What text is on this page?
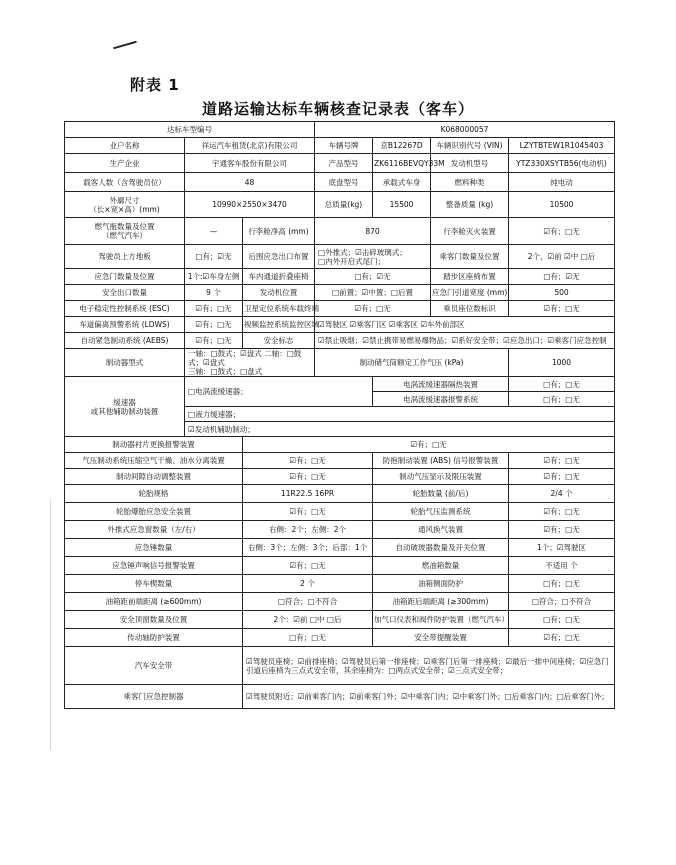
附表 1
道路运输达标车辆核查记录表（客车）
达标车型编号			K068000057			
业户名称	祥运汽车租赁(北京)有限公司		车辆号牌	京B12267D	车辆识别代号 (VIN)	LZYTBTEW1R1045403
生产企业	宇通客车股份有限公司		产品型号	ZK6116BEVQY33M	发动机型号	YTZ330XSYTB56(电动机)
载客人数（含驾驶员位）	48		底盘型号	承载式车身	燃料种类	纯电动
外廓尺寸
（长×宽×高）(mm)	10990×2550×3470		总质量(kg)	15500	整备质量 (kg)	10500
燃气瓶数量及位置
（燃气汽车）	—	行李舱净高 (mm)	870		行李舱灭火装置	☑有；□无
驾驶员上方地板	□有；☑无	后围应急出口布置	□外推式；☑击碎玻璃式；
□内外开启式尾门；		乘客门数量及位置	2个，☑前 ☑中 □后
应急门数量及位置	1个:☑车身左侧	车内通道折叠座椅	□有；☑无		踏步区座椅布置	□有；☑无
安全出口数量	9 个	发动机位置	□前置；☑中置；□后置		应急门引道宽度 (mm)	500
电子稳定性控制系统 (ESC)	☑有；□无	卫星定位系统车载终端	☑有；□无		乘员座位数标识	☑有；□无
车道偏离预警系统 (LDWS)	☑有；□无	视频监控系统监控区域	☑驾驶区 ☑乘客门区 ☑乘客区 ☑车外前部区			
自动紧急制动系统 (AEBS)	☑有；□无	安全标志	☑禁止吸烟；☑禁止携带易燃易爆物品；☑系好安全带；☑应急出口；☑乘客门应急控制			
制动器型式	一轴：□鼓式；☑盘式 二轴：□鼓式；☑盘式
三轴：□鼓式；□盘式		制动储气筒额定工作气压 (kPa)			1000
缓速器
或其他辅助制动装置	□电涡流缓速器；			电涡流缓速器隔热装置		□有；□无
				电涡流缓速器报警系统		□有；□无
	□液力缓速器；					
	☑发动机辅助制动；					
制动器衬片更换报警装置		☑有；□无				
气压制动系统压缩空气干燥、油水分离装置		☑有；□无		防抱制动装置 (ABS) 信号报警装置		☑有；□无
制动间隙自动调整装置		☑有；□无		制动气压显示及限压装置		☑有；□无
轮胎规格		11R22.5 16PR		轮胎数量 (前/后)		2/4 个
轮胎爆胎应急安全装置		☑有；□无		轮胎气压监测系统		☑有；□无
外推式应急窗数量（左/右）		右侧：2个；左侧：2个		通风换气装置		☑有；□无
应急锤数量		右侧：3个；左侧：3个；后部：1个		自动破玻器数量及开关位置		1个；☑驾驶区
应急锤声响信号报警装置		☑有；□无		燃油箱数量		不适用 个
停车楔数量		2 个		油箱侧面防护		□有；□无
油箱距前端距离 (≥600mm)		□符合；□不符合		油箱距后端距离 (≥300mm)		□符合；□不符合
安全顶窗数量及位置		2个：☑前 □中 □后		加气口仪表和阀件防护装置（燃气汽车）		□有；□无
传动轴防护装置		□有；□无		安全带提醒装置		☑有；□无
汽车安全带		☑驾驶员座椅；☑前排座椅；☑驾驶员后第一排座椅；☑乘客门后第一排座椅；☑最后一排中间座椅；☑应急门引道后座椅为三点式安全带，其余座椅为：□两点式安全带；☑三点式安全带；				
乘客门应急控制器		☑驾驶员附近；☑前乘客门内；☑前乘客门外；☑中乘客门内；☑中乘客门外；□后乘客门内；□后乘客门外；				
